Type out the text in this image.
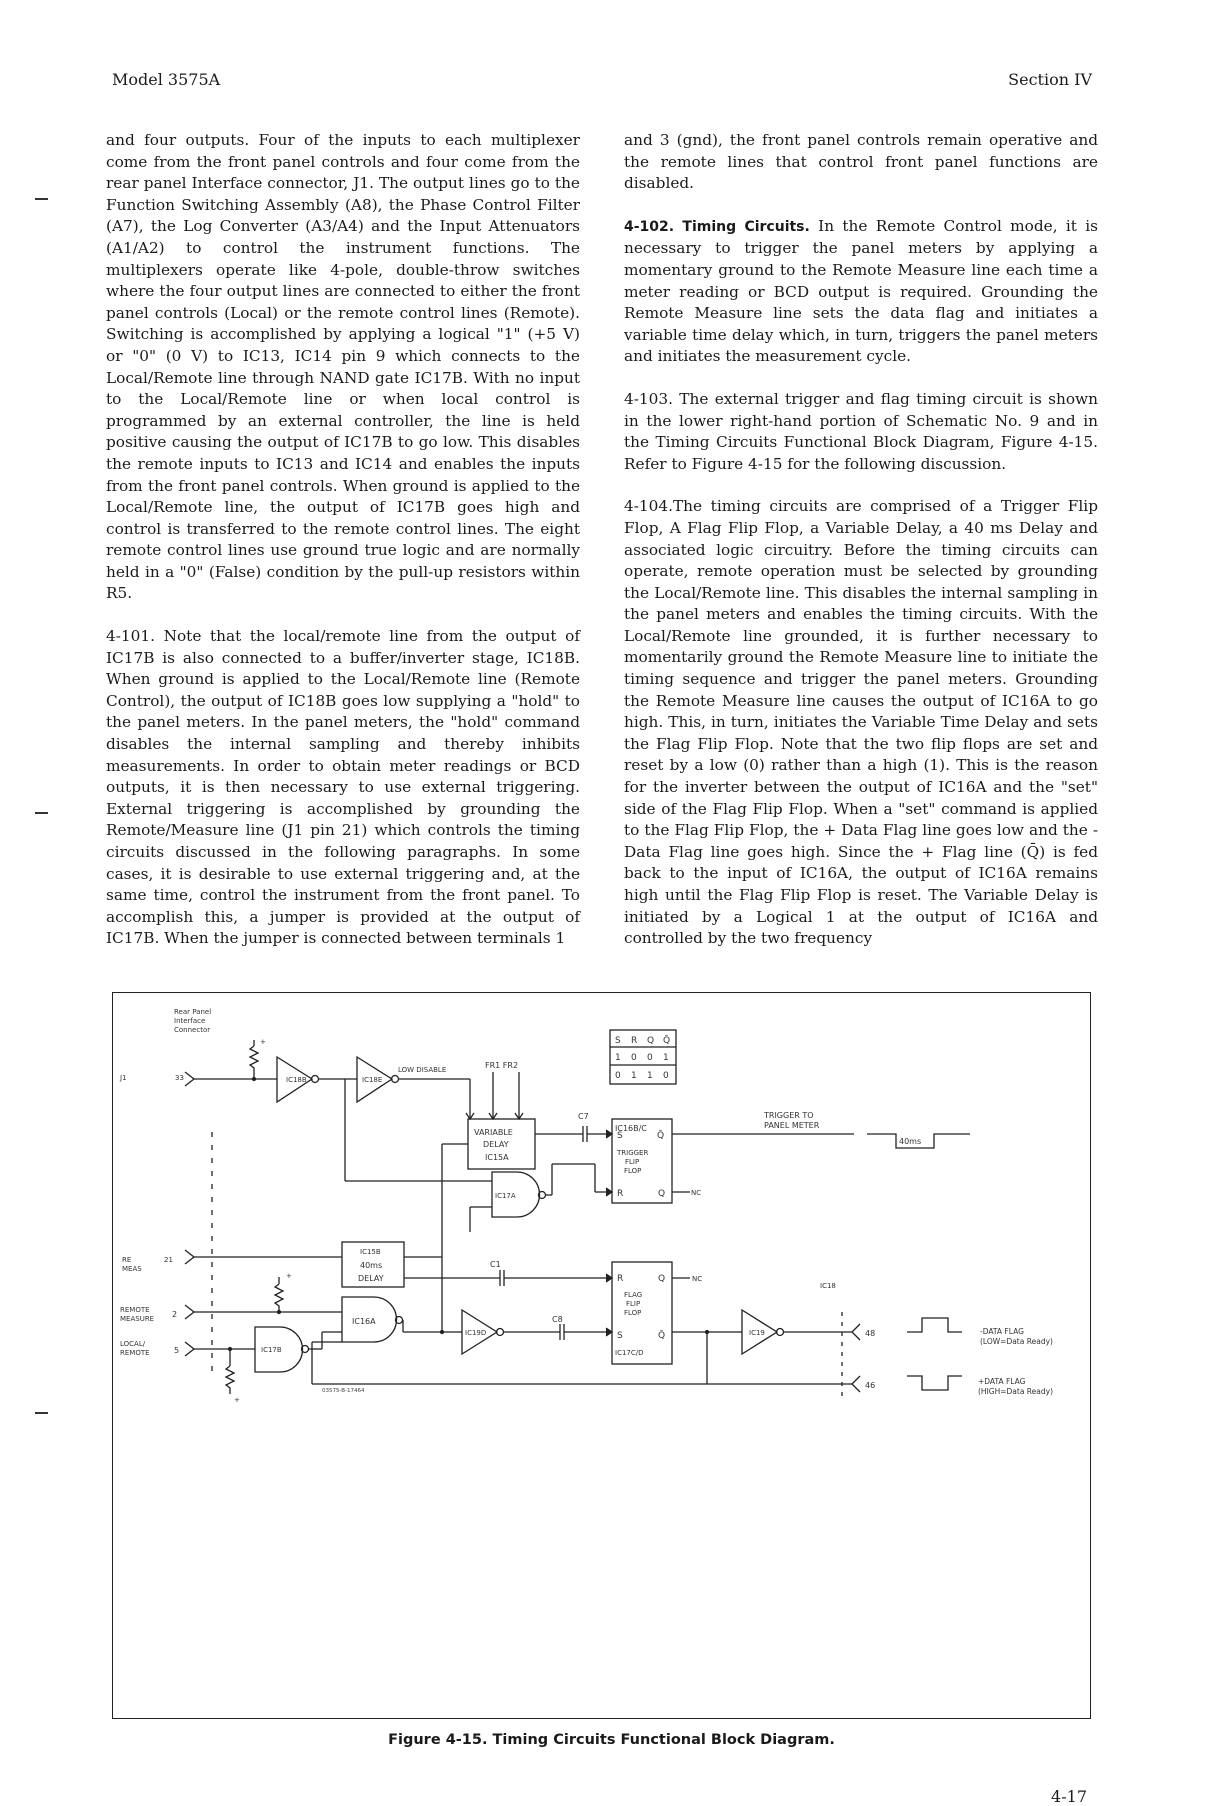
Model 3575A	Section IV

and four outputs. Four of the inputs to each multiplexer come from the front panel controls and four come from the rear panel Interface connector, J1. The output lines go to the Function Switching Assembly (A8), the Phase Control Filter (A7), the Log Converter (A3/A4) and the Input Attenuators (A1/A2) to control the instrument functions. The multiplexers operate like 4-pole, double-throw switches where the four output lines are connected to either the front panel controls (Local) or the remote control lines (Remote). Switching is accomplished by applying a logical "1" (+5 V) or "0" (0 V) to IC13, IC14 pin 9 which connects to the Local/Remote line through NAND gate IC17B. With no input to the Local/Remote line or when local control is programmed by an external controller, the line is held positive causing the output of IC17B to go low. This disables the remote inputs to IC13 and IC14 and enables the inputs from the front panel controls. When ground is applied to the Local/Remote line, the output of IC17B goes high and control is transferred to the remote control lines. The eight remote control lines use ground true logic and are normally held in a "0" (False) condition by the pull-up resistors within R5.

4-101. Note that the local/remote line from the output of IC17B is also connected to a buffer/inverter stage, IC18B. When ground is applied to the Local/Remote line (Remote Control), the output of IC18B goes low supplying a "hold" to the panel meters. In the panel meters, the "hold" command disables the internal sampling and thereby inhibits measurements. In order to obtain meter readings or BCD outputs, it is then necessary to use external triggering. External triggering is accomplished by grounding the Remote/Measure line (J1 pin 21) which controls the timing circuits discussed in the following paragraphs. In some cases, it is desirable to use external triggering and, at the same time, control the instrument from the front panel. To accomplish this, a jumper is provided at the output of IC17B. When the jumper is connected between terminals 1

and 3 (gnd), the front panel controls remain operative and the remote lines that control front panel functions are disabled.

4-102. Timing Circuits. In the Remote Control mode, it is necessary to trigger the panel meters by applying a momentary ground to the Remote Measure line each time a meter reading or BCD output is required. Grounding the Remote Measure line sets the data flag and initiates a variable time delay which, in turn, triggers the panel meters and initiates the measurement cycle.

4-103. The external trigger and flag timing circuit is shown in the lower right-hand portion of Schematic No. 9 and in the Timing Circuits Functional Block Diagram, Figure 4-15. Refer to Figure 4-15 for the following discussion.

4-104.The timing circuits are comprised of a Trigger Flip Flop, A Flag Flip Flop, a Variable Delay, a 40 ms Delay and associated logic circuitry. Before the timing circuits can operate, remote operation must be selected by grounding the Local/Remote line. This disables the internal sampling in the panel meters and enables the timing circuits. With the Local/Remote line grounded, it is further necessary to momentarily ground the Remote Measure line to initiate the timing sequence and trigger the panel meters. Grounding the Remote Measure line causes the output of IC16A to go high. This, in turn, initiates the Variable Time Delay and sets the Flag Flip Flop. Note that the two flip flops are set and reset by a low (0) rather than a high (1). This is the reason for the inverter between the output of IC16A and the "set" side of the Flag Flip Flop. When a "set" command is applied to the Flag Flip Flop, the + Data Flag line goes low and the - Data Flag line goes high. Since the + Flag line (Q̄) is fed back to the input of IC16A, the output of IC16A remains high until the Flag Flip Flop is reset. The Variable Delay is initiated by a Logical 1 at the output of IC16A and controlled by the two frequency

Rear Panel
Interface
Connector
J1	33
+
IC18B	IC18E
LOW DISABLE	FR1 FR2
VARIABLE
DELAY
IC15A
C7
S R Q Q̄
1 0 0 1
0 1 1 0
IC16B/C
S	Q̄
TRIGGER
FLIP
FLOP
R	Q	NC
TRIGGER TO
PANEL METER
40ms
IC17A
RE
MEAS
21
IC15B
40ms
DELAY
C1
R	Q
FLAG
FLIP
FLOP
S	Q̄
IC17C/D
NC
REMOTE
MEASURE 2
+
IC16A
IC19D
C8
LOCAL/
REMOTE	5
+
IC17B
IC19
IC18
48	-DATA FLAG
(LOW=Data Ready)
46	+DATA FLAG
(HIGH=Data Ready)
03575-B-17464
Figure 4-15. Timing Circuits Functional Block Diagram.
4-17
